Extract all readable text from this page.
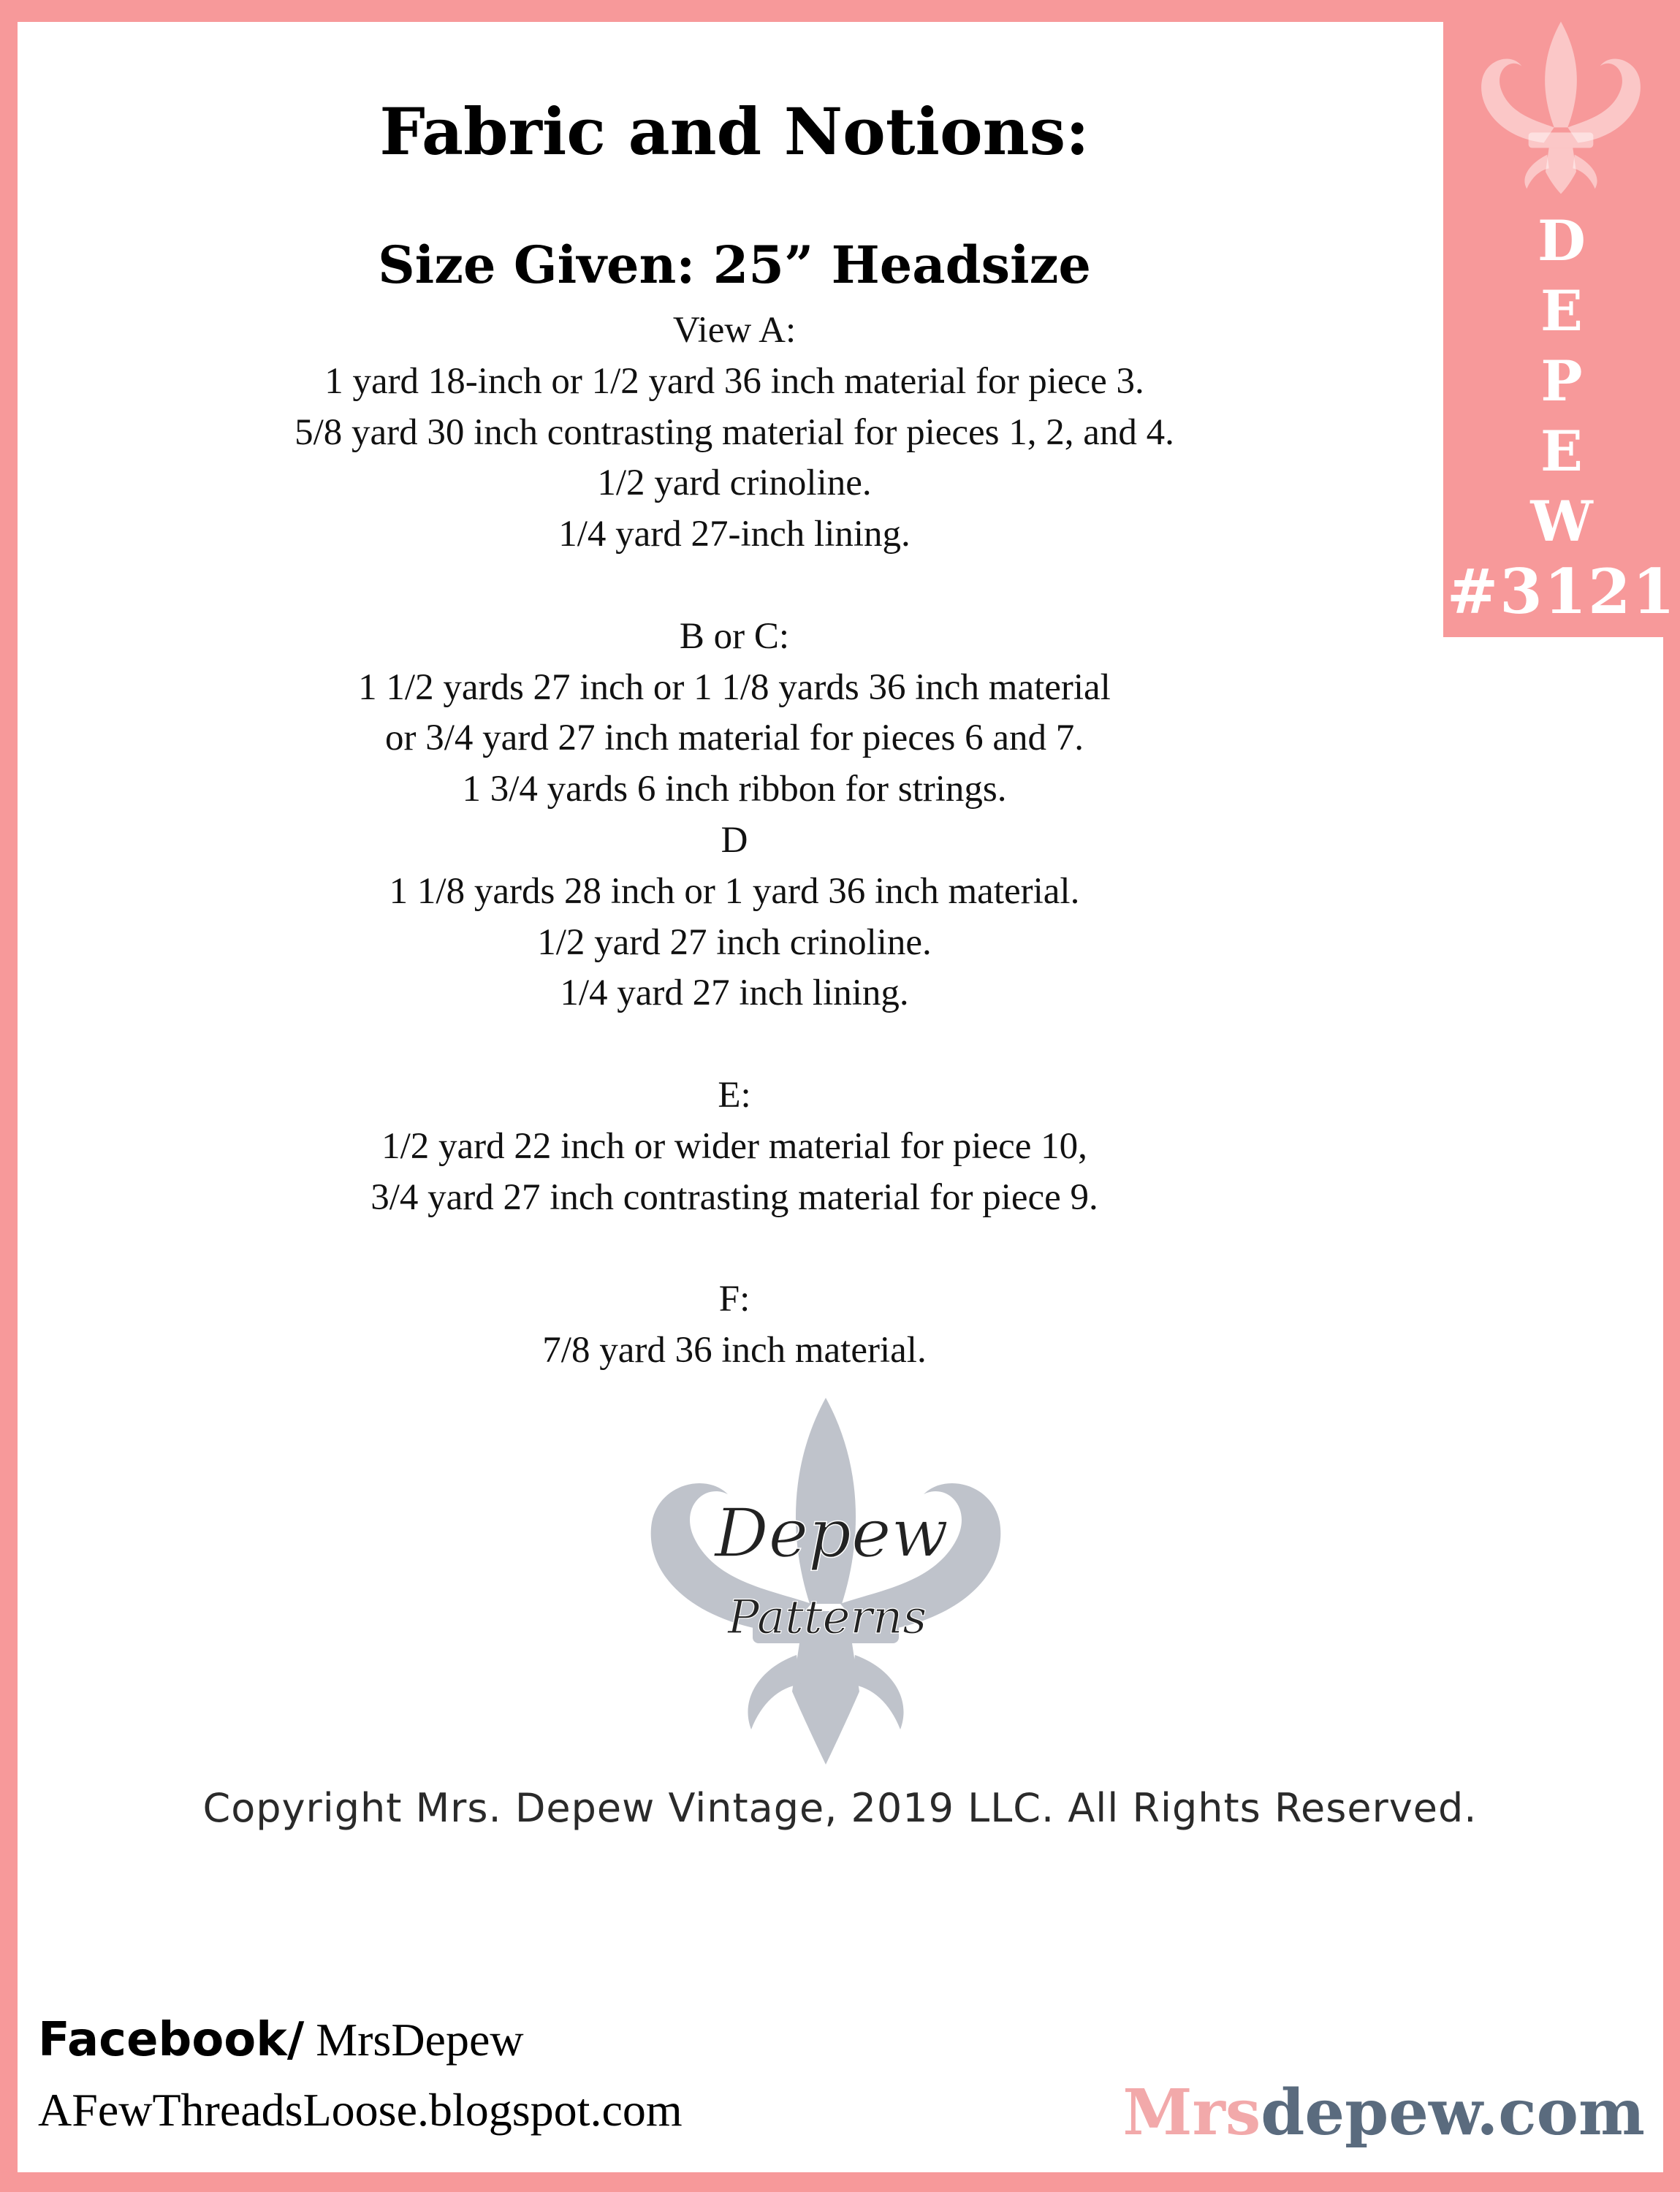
D
E
P
E
W
#3121
Fabric and Notions:
Size Given: 25” Headsize
View A:
1 yard 18-inch or 1/2 yard 36 inch material for piece 3.
5/8 yard 30 inch contrasting material for pieces 1, 2, and 4.
1/2 yard crinoline.
1/4 yard 27-inch lining.
B or C:
1 1/2 yards 27 inch or 1 1/8 yards 36 inch material
or 3/4 yard 27 inch material for pieces 6 and 7.
1 3/4 yards 6 inch ribbon for strings.
D
1 1/8 yards 28 inch or 1 yard 36 inch material.
1/2 yard 27 inch crinoline.
1/4 yard 27 inch lining.
E:
1/2 yard 22 inch or wider material for piece 10,
3/4 yard 27 inch contrasting material for piece 9.
F:
7/8 yard 36 inch material.
Depew
Patterns
Copyright Mrs. Depew Vintage, 2019 LLC. All Rights Reserved.
Facebook/ MrsDepew
AFewThreadsLoose.blogspot.com	Mrsdepew.com
